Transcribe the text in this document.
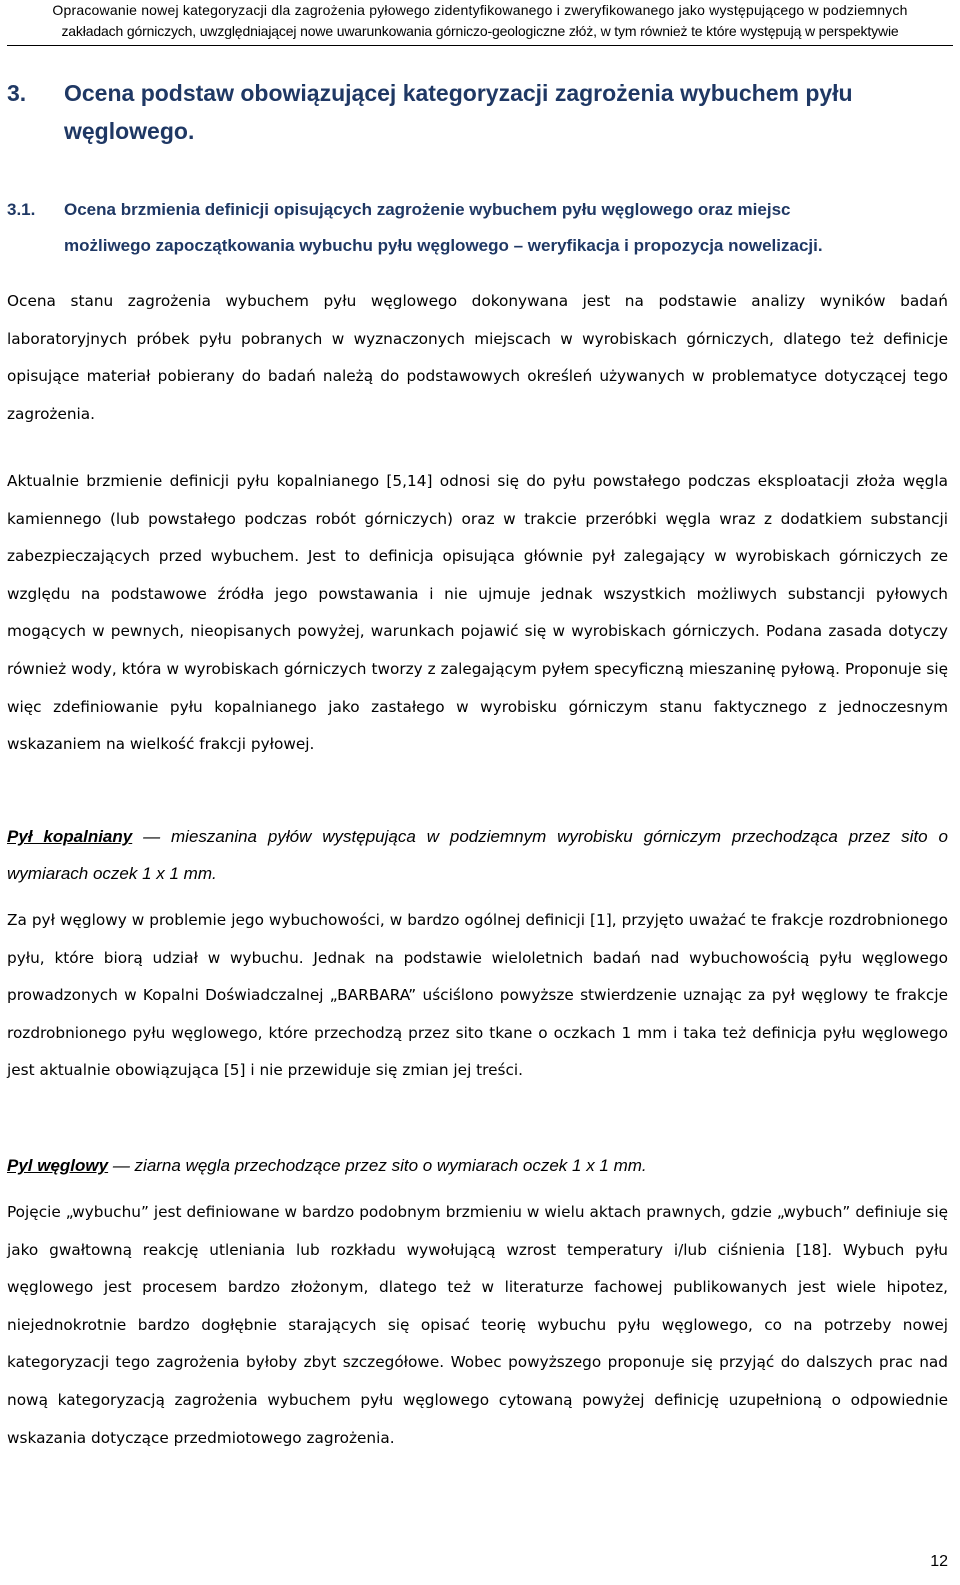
Opracowanie nowej kategoryzacji dla zagrożenia pyłowego zidentyfikowanego i zweryfikowanego jako występującego w podziemnych
zakładach górniczych, uwzględniającej nowe uwarunkowania górniczo-geologiczne złóż, w tym również te które występują w perspektywie
3. Ocena podstaw obowiązującej kategoryzacji zagrożenia wybuchem pyłu
węglowego.
3.1. Ocena brzmienia definicji opisujących zagrożenie wybuchem pyłu węglowego oraz miejsc
możliwego zapoczątkowania wybuchu pyłu węglowego – weryfikacja i propozycja nowelizacji.

Ocena stanu zagrożenia wybuchem pyłu węglowego dokonywana jest na podstawie analizy wyników badań laboratoryjnych próbek pyłu pobranych w wyznaczonych miejscach w wyrobiskach górniczych, dlatego też definicje opisujące materiał pobierany do badań należą do podstawowych określeń używanych w problematyce dotyczącej tego zagrożenia.

Aktualnie brzmienie definicji pyłu kopalnianego [5,14] odnosi się do pyłu powstałego podczas eksploatacji złoża węgla kamiennego (lub powstałego podczas robót górniczych) oraz w trakcie przeróbki węgla wraz z dodatkiem substancji zabezpieczających przed wybuchem. Jest to definicja opisująca głównie pył zalegający w wyrobiskach górniczych ze względu na podstawowe źródła jego powstawania i nie ujmuje jednak wszystkich możliwych substancji pyłowych mogących w pewnych, nieopisanych powyżej, warunkach pojawić się w wyrobiskach górniczych. Podana zasada dotyczy również wody, która w wyrobiskach górniczych tworzy z zalegającym pyłem specyficzną mieszaninę pyłową. Proponuje się więc zdefiniowanie pyłu kopalnianego jako zastałego w wyrobisku górniczym stanu faktycznego z jednoczesnym wskazaniem na wielkość frakcji pyłowej.

Pył kopalniany — mieszanina pyłów występująca w podziemnym wyrobisku górniczym przechodząca przez sito o wymiarach oczek 1 x 1 mm.

Za pył węglowy w problemie jego wybuchowości, w bardzo ogólnej definicji [1], przyjęto uważać te frakcje rozdrobnionego pyłu, które biorą udział w wybuchu. Jednak na podstawie wieloletnich badań nad wybuchowością pyłu węglowego prowadzonych w Kopalni Doświadczalnej „BARBARA” uściślono powyższe stwierdzenie uznając za pył węglowy te frakcje rozdrobnionego pyłu węglowego, które przechodzą przez sito tkane o oczkach 1 mm i taka też definicja pyłu węglowego jest aktualnie obowiązująca [5] i nie przewiduje się zmian jej treści.

Pyl węglowy — ziarna węgla przechodzące przez sito o wymiarach oczek 1 x 1 mm.

Pojęcie „wybuchu” jest definiowane w bardzo podobnym brzmieniu w wielu aktach prawnych, gdzie „wybuch” definiuje się jako gwałtowną reakcję utleniania lub rozkładu wywołującą wzrost temperatury i/lub ciśnienia [18]. Wybuch pyłu węglowego jest procesem bardzo złożonym, dlatego też w literaturze fachowej publikowanych jest wiele hipotez, niejednokrotnie bardzo dogłębnie starających się opisać teorię wybuchu pyłu węglowego, co na potrzeby nowej kategoryzacji tego zagrożenia byłoby zbyt szczegółowe. Wobec powyższego proponuje się przyjąć do dalszych prac nad nową kategoryzacją zagrożenia wybuchem pyłu węglowego cytowaną powyżej definicję uzupełnioną o odpowiednie wskazania dotyczące przedmiotowego zagrożenia.

12
